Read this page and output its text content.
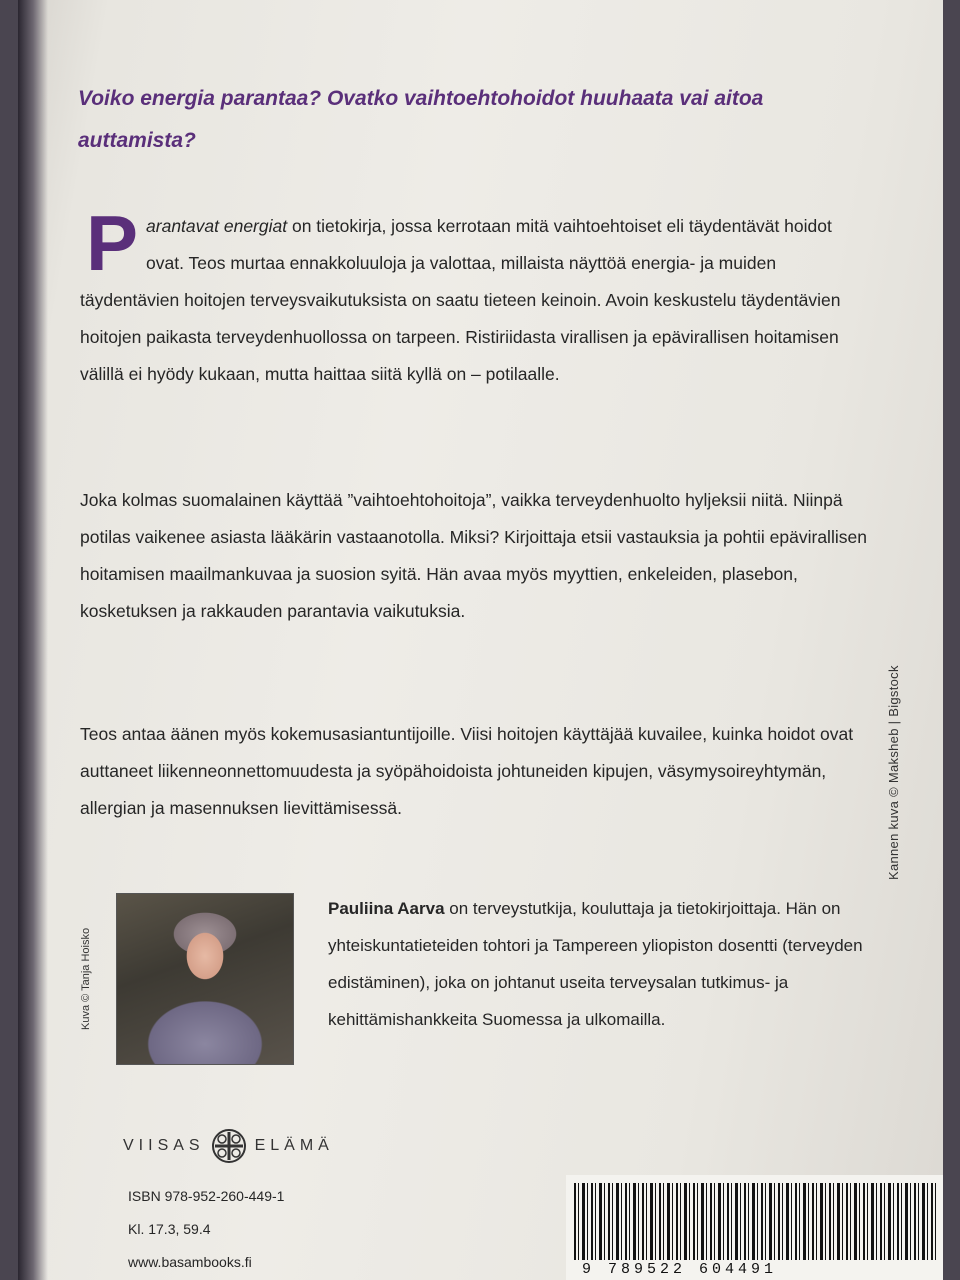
Voiko energia parantaa? Ovatko vaihtoehtohoidot huuhaata vai aitoa auttamista?

Parantavat energiat on tietokirja, jossa kerrotaan mitä vaihtoehtoiset eli täydentävät hoidot ovat. Teos murtaa ennakkoluuloja ja valottaa, millaista näyttöä energia- ja muiden täydentävien hoitojen terveysvaikutuksista on saatu tieteen keinoin. Avoin keskustelu täydentävien hoitojen paikasta terveydenhuollossa on tarpeen. Ristiriidasta virallisen ja epävirallisen hoitamisen välillä ei hyödy kukaan, mutta haittaa siitä kyllä on – potilaalle.

Joka kolmas suomalainen käyttää ”vaihtoehtohoitoja”, vaikka terveydenhuolto hyljeksii niitä. Niinpä potilas vaikenee asiasta lääkärin vastaanotolla. Miksi? Kirjoittaja etsii vastauksia ja pohtii epävirallisen hoitamisen maailmankuvaa ja suosion syitä. Hän avaa myös myyttien, enkeleiden, plasebon, kosketuksen ja rakkauden parantavia vaikutuksia.

Teos antaa äänen myös kokemusasiantuntijoille. Viisi hoitojen käyttäjää kuvailee, kuinka hoidot ovat auttaneet liikenneonnettomuudesta ja syöpähoidoista johtuneiden kipujen, väsymysoireyhtymän, allergian ja masennuksen lievittämisessä.

Kuva © Tanja Hoisko

Pauliina Aarva on terveystutkija, kouluttaja ja tietokirjoittaja. Hän on yhteiskuntatieteiden tohtori ja Tampereen yliopiston dosentti (terveyden edistäminen), joka on johtanut useita terveysalan tutkimus- ja kehittämishankkeita Suomessa ja ulkomailla.

Kannen kuva © Maksheb | Bigstock
VIISAS	ELÄMÄ
ISBN 978-952-260-449-1
Kl. 17.3, 59.4
www.basambooks.fi	9 789522 604491
